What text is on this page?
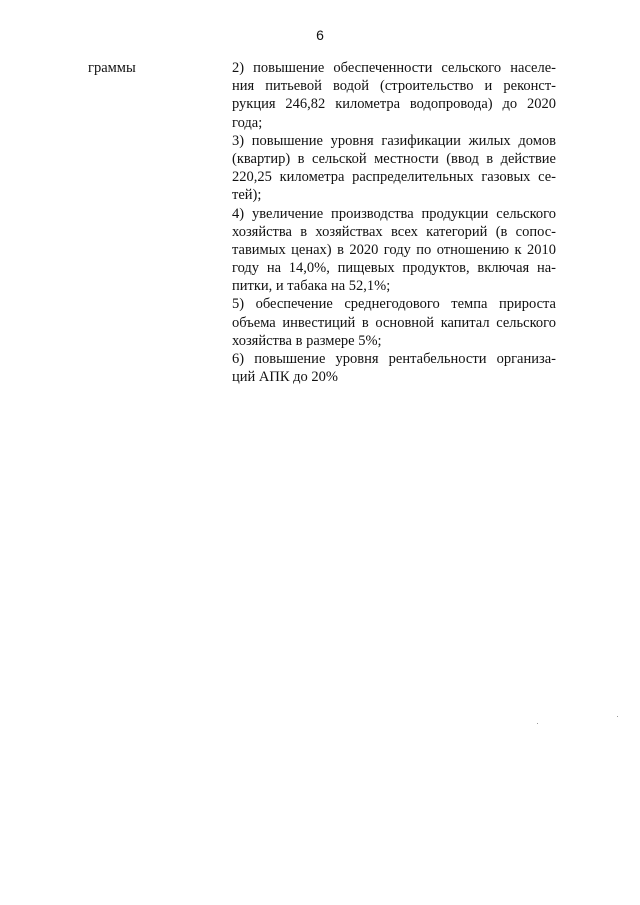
6
граммы	2) повышение обеспеченности сельского населе-
ния питьевой водой (строительство и реконст-
рукция 246,82 километра водопровода) до 2020
года;
3) повышение уровня газификации жилых домов
(квартир) в сельской местности (ввод в действие
220,25 километра распределительных газовых се-
тей);
4) увеличение производства продукции сельского
хозяйства в хозяйствах всех категорий (в сопос-
тавимых ценах) в 2020 году по отношению к 2010
году на 14,0%, пищевых продуктов, включая на-
питки, и табака на 52,1%;
5) обеспечение среднегодового темпа прироста
объема инвестиций в основной капитал сельского
хозяйства в размере 5%;
6) повышение уровня рентабельности организа-
ций АПК до 20%
